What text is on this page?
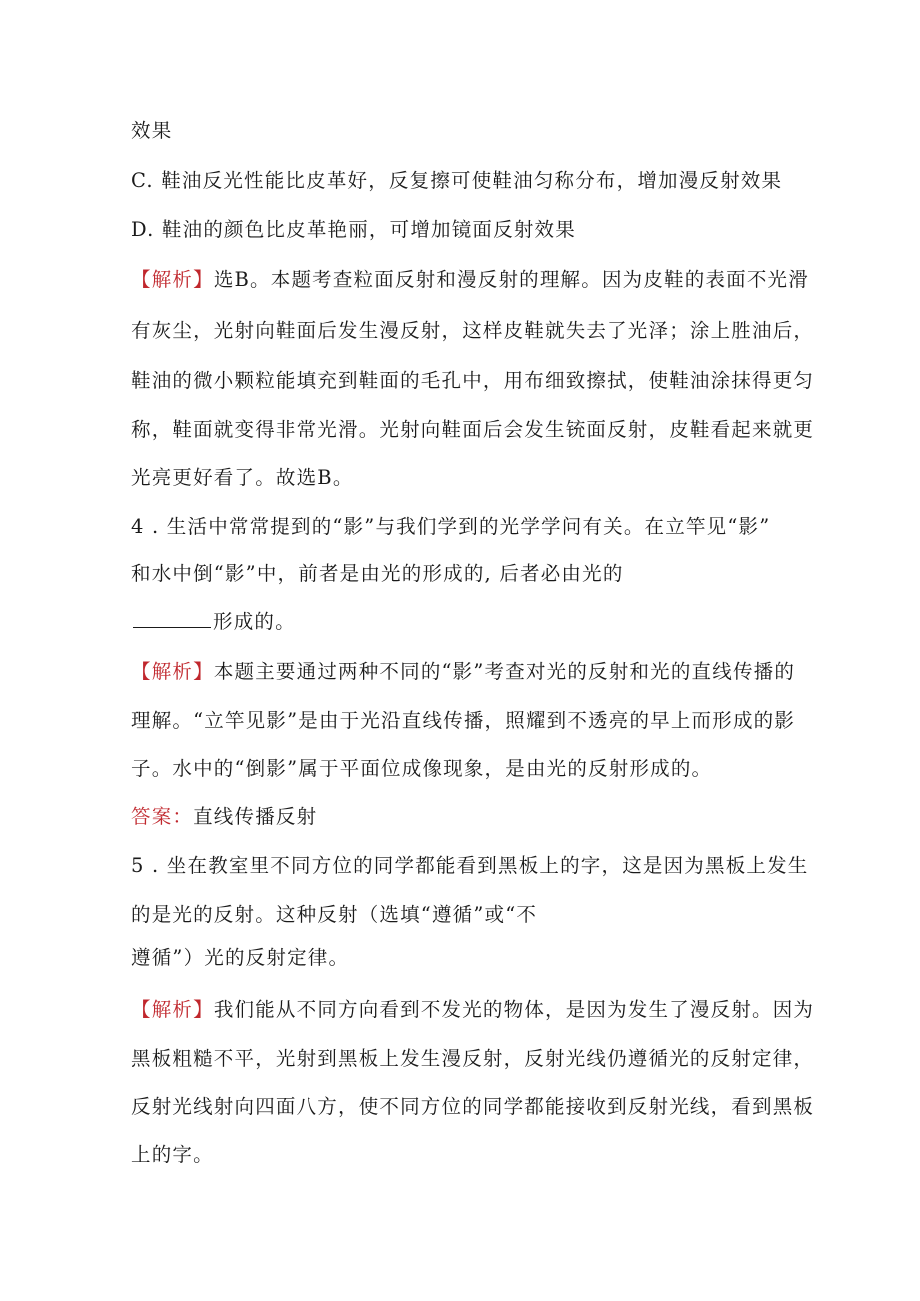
效果
C. 鞋油反光性能比皮革好，反复擦可使鞋油匀称分布，增加漫反射效果
D. 鞋油的颜色比皮革艳丽，可增加镜面反射效果
【解析】选B。本题考查粒面反射和漫反射的理解。因为皮鞋的表面不光滑
有灰尘，光射向鞋面后发生漫反射，这样皮鞋就失去了光泽；涂上胜油后，
鞋油的微小颗粒能填充到鞋面的毛孔中，用布细致擦拭，使鞋油涂抹得更匀
称，鞋面就变得非常光滑。光射向鞋面后会发生铳面反射，皮鞋看起来就更
光亮更好看了。故选B。
4 . 生活中常常提到的“影”与我们学到的光学学问有关。在立竿见“影”
和水中倒“影”中，前者是由光的形成的, 后者必由光的
形成的。
【解析】本题主要通过两种不同的“影”考查对光的反射和光的直线传播的
理解。“立竿见影”是由于光沿直线传播，照耀到不透亮的早上而形成的影
子。水中的“倒影”属于平面位成像现象，是由光的反射形成的。
答案：直线传播反射
5 . 坐在教室里不同方位的同学都能看到黑板上的字，这是因为黑板上发生
的是光的反射。这种反射（选填“遵循”或“不
遵循”）光的反射定律。
【解析】我们能从不同方向看到不发光的物体，是因为发生了漫反射。因为
黑板粗糙不平，光射到黑板上发生漫反射，反射光线仍遵循光的反射定律，
反射光线射向四面八方，使不同方位的同学都能接收到反射光线，看到黑板
上的字。
